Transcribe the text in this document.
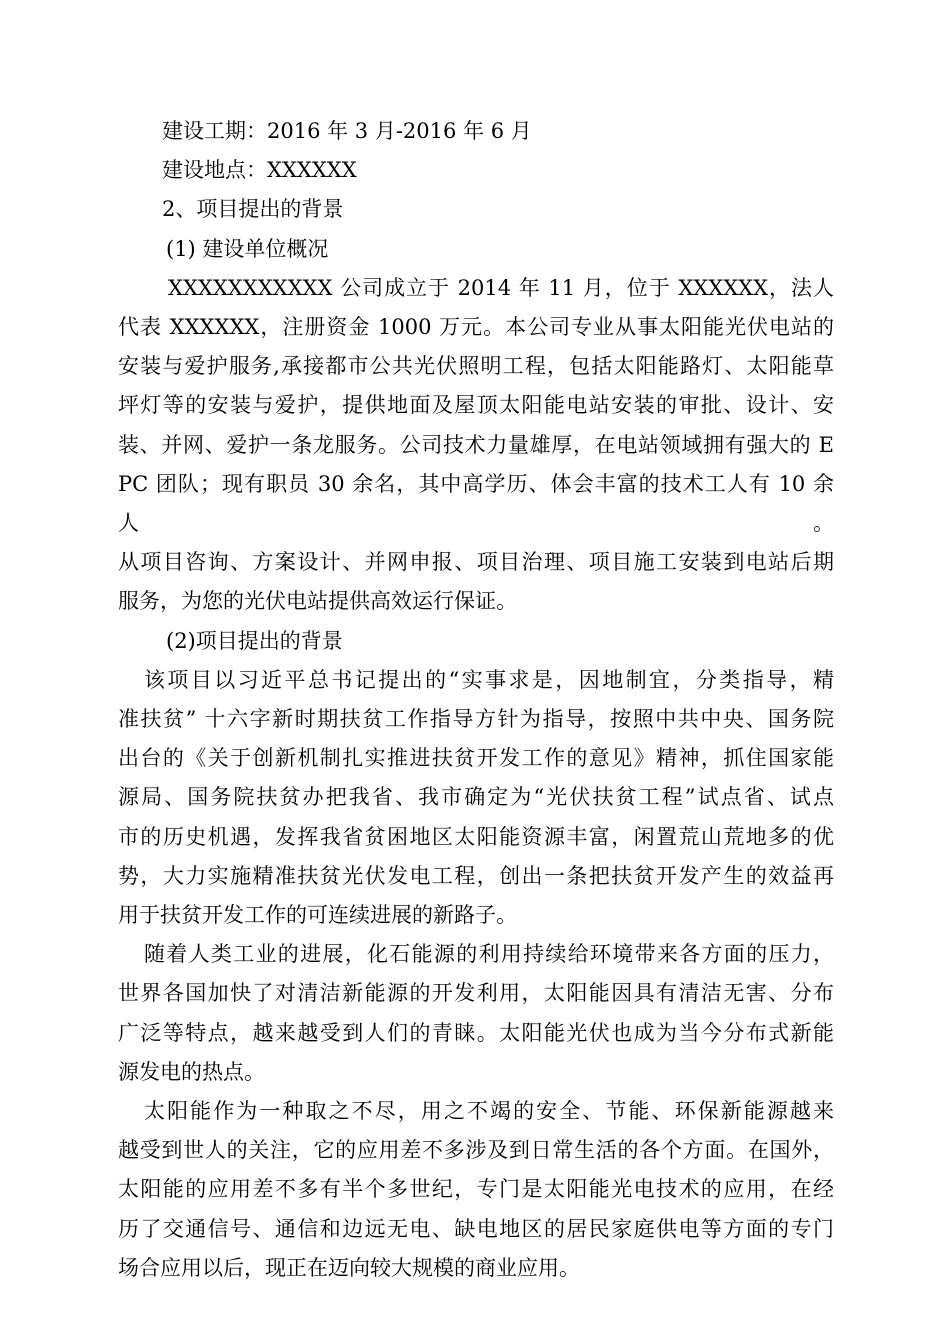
建设工期：2016 年 3 月-2016 年 6 月
建设地点：XXXXXX
2、项目提出的背景
(1) 建设单位概况
XXXXXXXXXXX 公司成立于 2014 年 11 月，位于 XXXXXX，法人
代表 XXXXXX，注册资金 1000 万元。本公司专业从事太阳能光伏电站的
安装与爱护服务,承接都市公共光伏照明工程，包括太阳能路灯、太阳能草
坪灯等的安装与爱护，提供地面及屋顶太阳能电站安装的审批、设计、安
装、并网、爱护一条龙服务。公司技术力量雄厚，在电站领域拥有强大的 E
PC 团队；现有职员 30 余名，其中高学历、体会丰富的技术工人有 10 余人。
从项目咨询、方案设计、并网申报、项目治理、项目施工安装到电站后期
服务，为您的光伏电站提供高效运行保证。
(2)项目提出的背景
该项目以习近平总书记提出的“实事求是，因地制宜，分类指导，精
准扶贫” 十六字新时期扶贫工作指导方针为指导，按照中共中央、国务院
出台的《关于创新机制扎实推进扶贫开发工作的意见》精神，抓住国家能
源局、国务院扶贫办把我省、我市确定为“光伏扶贫工程”试点省、试点
市的历史机遇，发挥我省贫困地区太阳能资源丰富，闲置荒山荒地多的优
势，大力实施精准扶贫光伏发电工程，创出一条把扶贫开发产生的效益再
用于扶贫开发工作的可连续进展的新路子。
随着人类工业的进展，化石能源的利用持续给环境带来各方面的压力，
世界各国加快了对清洁新能源的开发利用，太阳能因具有清洁无害、分布
广泛等特点，越来越受到人们的青睐。太阳能光伏也成为当今分布式新能
源发电的热点。
太阳能作为一种取之不尽，用之不竭的安全、节能、环保新能源越来
越受到世人的关注，它的应用差不多涉及到日常生活的各个方面。在国外，
太阳能的应用差不多有半个多世纪，专门是太阳能光电技术的应用，在经
历了交通信号、通信和边远无电、缺电地区的居民家庭供电等方面的专门
场合应用以后，现正在迈向较大规模的商业应用。
